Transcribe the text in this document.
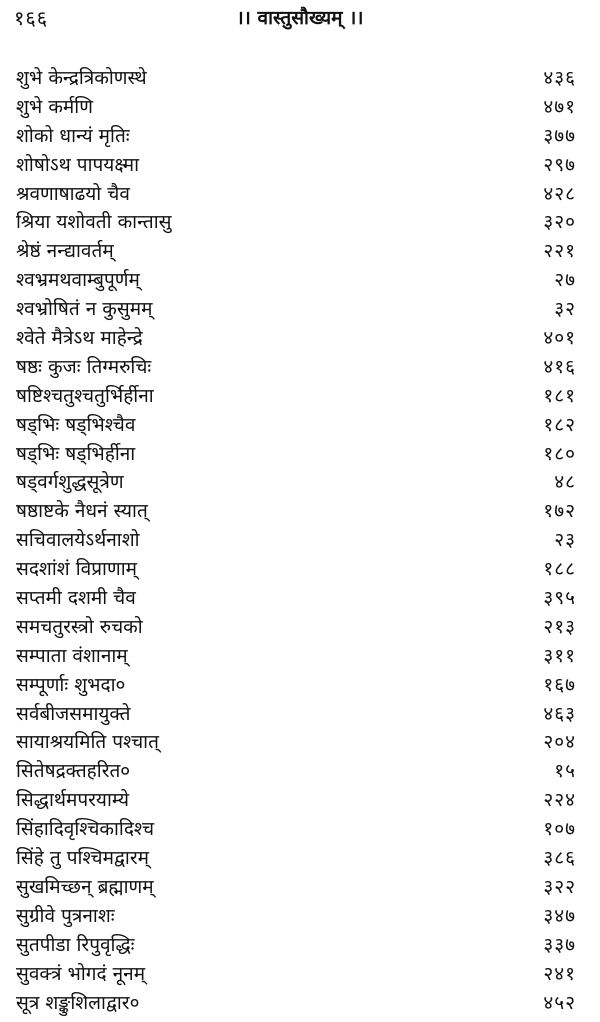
१६६	।। वास्तुसौख्यम् ।।
शुभे केन्द्रत्रिकोणस्थे	४३६
शुभे कर्मणि	४७१
शोको धान्यं मृतिः	३७७
शोषोऽथ पापयक्ष्मा	२९७
श्रवणाषाढयो चैव	४२८
श्रिया यशोवती कान्तासु	३२०
श्रेष्ठं नन्द्यावर्तम्	२२१
श्वभ्रमथवाम्बुपूर्णम्	२७
श्वभ्रोषितं न कुसुमम्	३२
श्वेते मैत्रेऽथ माहेन्द्रे	४०१
षष्ठः कुजः तिग्मरुचिः	४१६
षष्टिश्चतुश्चतुर्भिर्हीना	१८१
षड्भिः षड्भिश्चैव	१८२
षड्भिः षड्भिर्हीना	१८०
षड्वर्गशुद्धसूत्रेण	४८
षष्ठाष्टके नैधनं स्यात्	१७२
सचिवालयेऽर्थनाशो	२३
सदशांशं विप्राणाम्	१८८
सप्तमी दशमी चैव	३९५
समचतुरस्त्रो रुचको	२१३
सम्पाता वंशानाम्	३११
सम्पूर्णाः शुभदा०	१६७
सर्वबीजसमायुक्ते	४६३
सायाश्रयमिति पश्चात्	२०४
सितेषद्रक्तहरित०	१५
सिद्धार्थमपरयाम्ये	२२४
सिंहादिवृश्चिकादिश्च	१०७
सिंहे तु पश्चिमद्वारम्	३८६
सुखमिच्छन् ब्रह्माणम्	३२२
सुग्रीवे पुत्रनाशः	३४७
सुतपीडा रिपुवृद्धिः	३३७
सुवक्त्रं भोगदं नूनम्	२४१
सूत्र शङ्कुशिलाद्वार०	४५२
